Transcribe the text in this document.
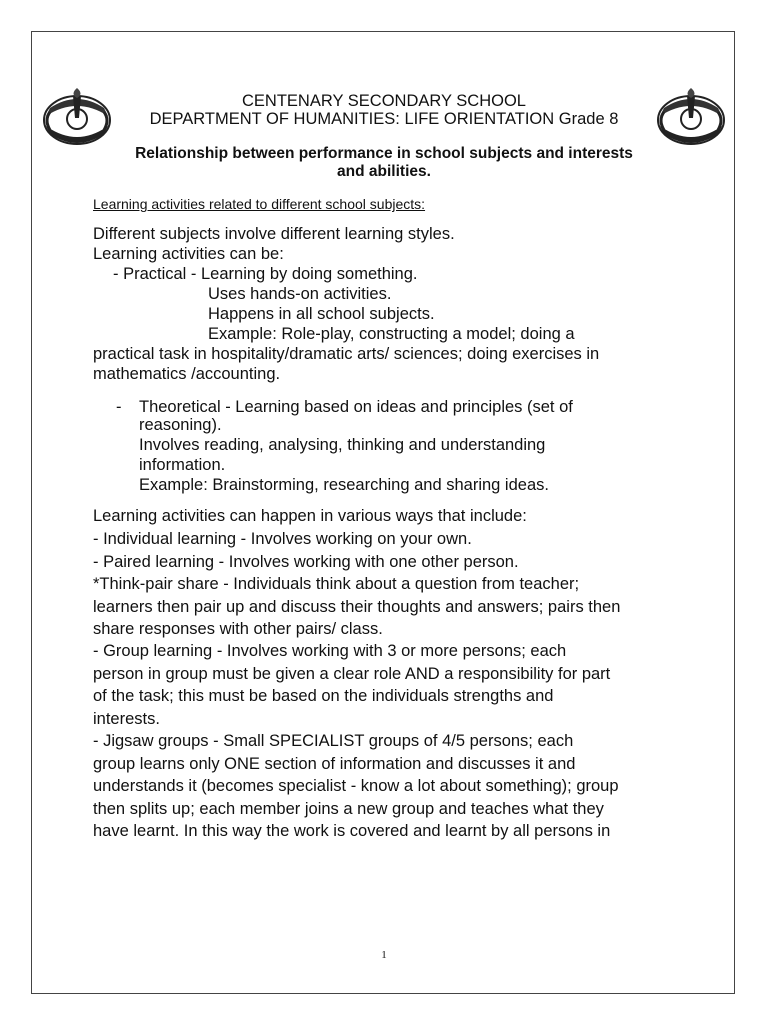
CENTENARY SECONDARY SCHOOL
DEPARTMENT OF HUMANITIES: LIFE ORIENTATION Grade 8
Relationship between performance in school subjects and interests
and abilities.
Learning activities related to different school subjects:
Different subjects involve different learning styles.
Learning activities can be:
- Practical - Learning by doing something.
Uses hands-on activities.
Happens in all school subjects.
Example: Role-play, constructing a model; doing a
practical task in hospitality/dramatic arts/ sciences; doing exercises in
mathematics /accounting.
- Theoretical - Learning based on ideas and principles (set of
reasoning).
Involves reading, analysing, thinking and understanding
information.
Example: Brainstorming, researching and sharing ideas.
Learning activities can happen in various ways that include:
- Individual learning - Involves working on your own.
- Paired learning - Involves working with one other person.
*Think-pair share - Individuals think about a question from teacher;
learners then pair up and discuss their thoughts and answers; pairs then
share responses with other pairs/ class.
- Group learning - Involves working with 3 or more persons; each
person in group must be given a clear role AND a responsibility for part
of the task; this must be based on the individuals strengths and
interests.
- Jigsaw groups - Small SPECIALIST groups of 4/5 persons; each
group learns only ONE section of information and discusses it and
understands it (becomes specialist - know a lot about something); group
then splits up; each member joins a new group and teaches what they
have learnt. In this way the work is covered and learnt by all persons in
1
